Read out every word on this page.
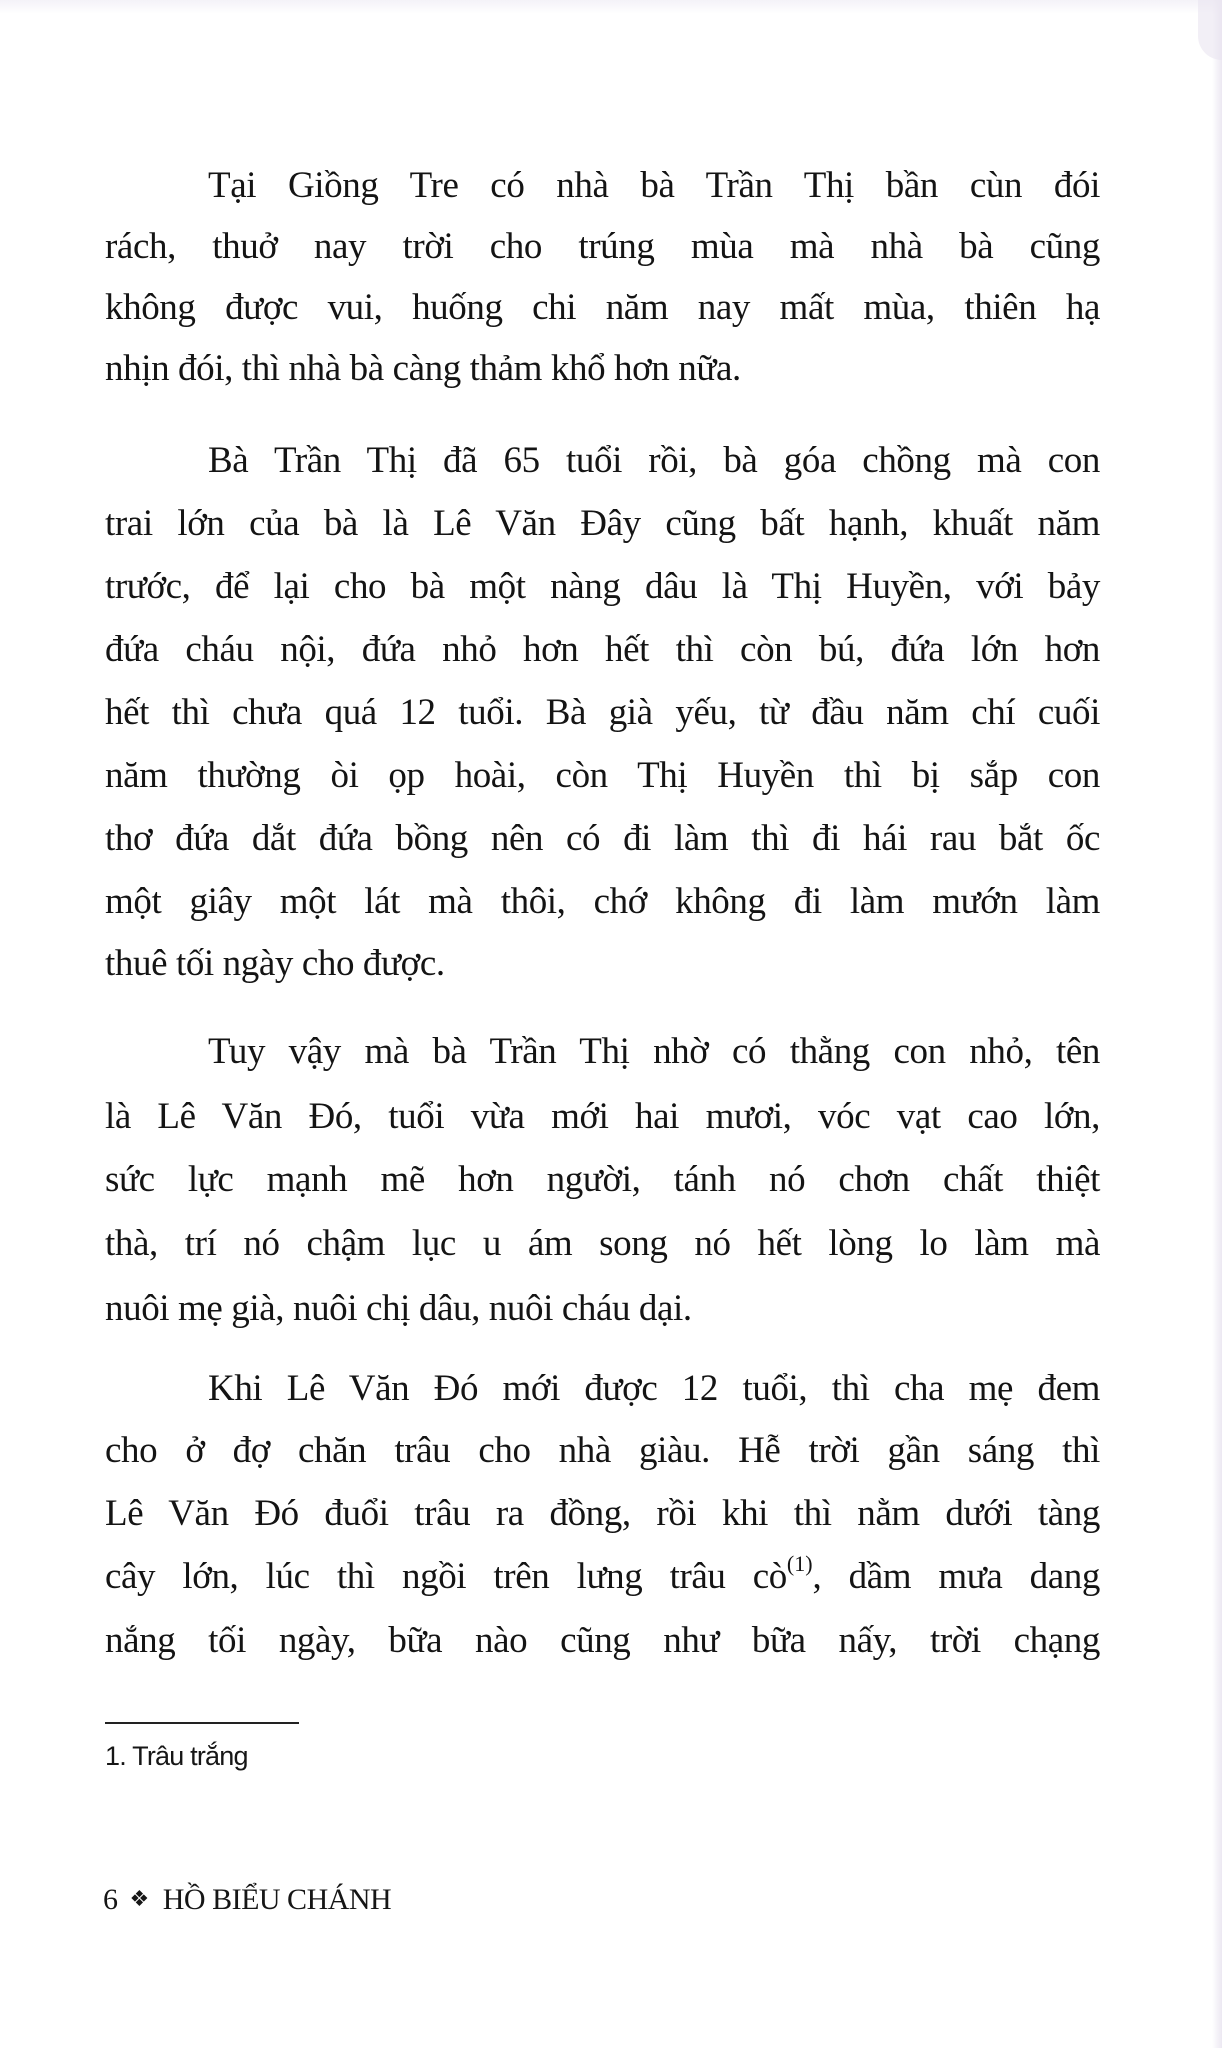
Tại Giồng Tre có nhà bà Trần Thị bần cùn đói
rách, thuở nay trời cho trúng mùa mà nhà bà cũng
không được vui, huống chi năm nay mất mùa, thiên hạ
nhịn đói, thì nhà bà càng thảm khổ hơn nữa.
Bà Trần Thị đã 65 tuổi rồi, bà góa chồng mà con
trai lớn của bà là Lê Văn Đây cũng bất hạnh, khuất năm
trước, để lại cho bà một nàng dâu là Thị Huyền, với bảy
đứa cháu nội, đứa nhỏ hơn hết thì còn bú, đứa lớn hơn
hết thì chưa quá 12 tuổi. Bà già yếu, từ đầu năm chí cuối
năm thường òi ọp hoài, còn Thị Huyền thì bị sắp con
thơ đứa dắt đứa bồng nên có đi làm thì đi hái rau bắt ốc
một giây một lát mà thôi, chớ không đi làm mướn làm
thuê tối ngày cho được.
Tuy vậy mà bà Trần Thị nhờ có thằng con nhỏ, tên
là Lê Văn Đó, tuổi vừa mới hai mươi, vóc vạt cao lớn,
sức lực mạnh mẽ hơn người, tánh nó chơn chất thiệt
thà, trí nó chậm lục u ám song nó hết lòng lo làm mà
nuôi mẹ già, nuôi chị dâu, nuôi cháu dại.
Khi Lê Văn Đó mới được 12 tuổi, thì cha mẹ đem
cho ở đợ chăn trâu cho nhà giàu. Hễ trời gần sáng thì
Lê Văn Đó đuổi trâu ra đồng, rồi khi thì nằm dưới tàng
cây lớn, lúc thì ngồi trên lưng trâu cò$^{(1)}$, dầm mưa dang
nắng tối ngày, bữa nào cũng như bữa nấy, trời chạng
1. Trâu trắng
6 ❖ HỒ BIỂU CHÁNH
